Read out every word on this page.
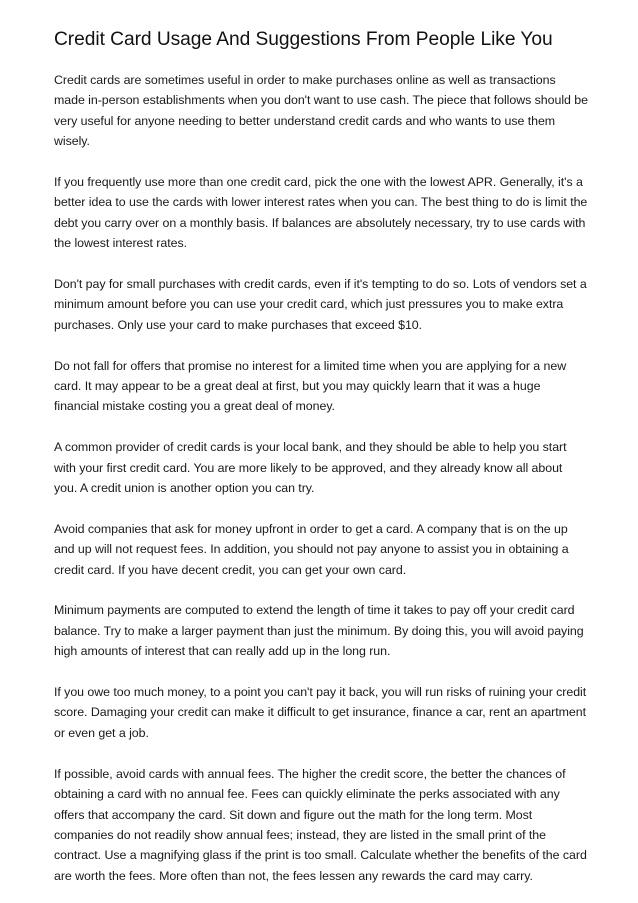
Credit Card Usage And Suggestions From People Like You

Credit cards are sometimes useful in order to make purchases online as well as transactions made in-person establishments when you don't want to use cash. The piece that follows should be very useful for anyone needing to better understand credit cards and who wants to use them wisely.

If you frequently use more than one credit card, pick the one with the lowest APR. Generally, it's a better idea to use the cards with lower interest rates when you can. The best thing to do is limit the debt you carry over on a monthly basis. If balances are absolutely necessary, try to use cards with the lowest interest rates.

Don't pay for small purchases with credit cards, even if it's tempting to do so. Lots of vendors set a minimum amount before you can use your credit card, which just pressures you to make extra purchases. Only use your card to make purchases that exceed $10.

Do not fall for offers that promise no interest for a limited time when you are applying for a new card. It may appear to be a great deal at first, but you may quickly learn that it was a huge financial mistake costing you a great deal of money.

A common provider of credit cards is your local bank, and they should be able to help you start with your first credit card. You are more likely to be approved, and they already know all about you. A credit union is another option you can try.

Avoid companies that ask for money upfront in order to get a card. A company that is on the up and up will not request fees. In addition, you should not pay anyone to assist you in obtaining a credit card. If you have decent credit, you can get your own card.

Minimum payments are computed to extend the length of time it takes to pay off your credit card balance. Try to make a larger payment than just the minimum. By doing this, you will avoid paying high amounts of interest that can really add up in the long run.

If you owe too much money, to a point you can't pay it back, you will run risks of ruining your credit score. Damaging your credit can make it difficult to get insurance, finance a car, rent an apartment or even get a job.

If possible, avoid cards with annual fees. The higher the credit score, the better the chances of obtaining a card with no annual fee. Fees can quickly eliminate the perks associated with any offers that accompany the card. Sit down and figure out the math for the long term. Most companies do not readily show annual fees; instead, they are listed in the small print of the contract. Use a magnifying glass if the print is too small. Calculate whether the benefits of the card are worth the fees. More often than not, the fees lessen any rewards the card may carry.
